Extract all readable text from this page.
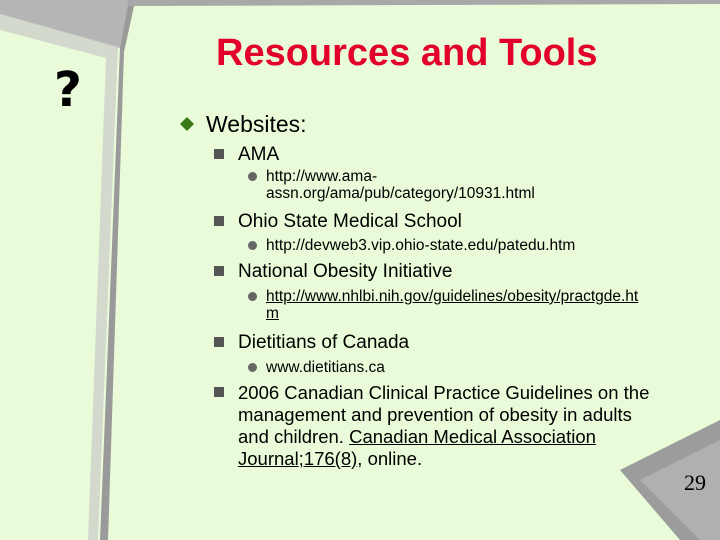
Resources and Tools
?
Websites:
AMA
http://www.ama-
assn.org/ama/pub/category/10931.html
Ohio State Medical School
http://devweb3.vip.ohio-state.edu/patedu.htm
National Obesity Initiative
http://www.nhlbi.nih.gov/guidelines/obesity/practgde.ht
m
Dietitians of Canada
www.dietitians.ca
2006 Canadian Clinical Practice Guidelines on the
management and prevention of obesity in adults
and children. Canadian Medical Association
Journal;176(8), online.
29
